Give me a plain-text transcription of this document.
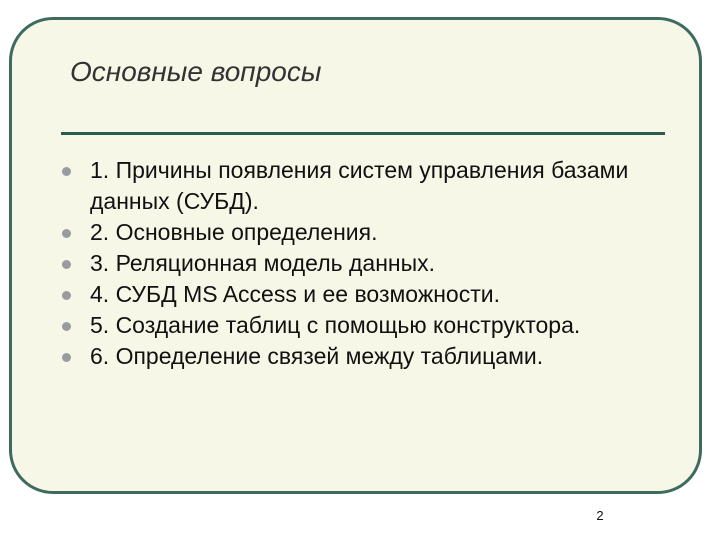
Основные вопросы
1. Причины появления систем управления базами данных (СУБД).
2. Основные определения.
3. Реляционная модель данных.
4. СУБД MS Access и ее возможности.
5. Создание таблиц с помощью конструктора.
6. Определение связей между таблицами.
2
